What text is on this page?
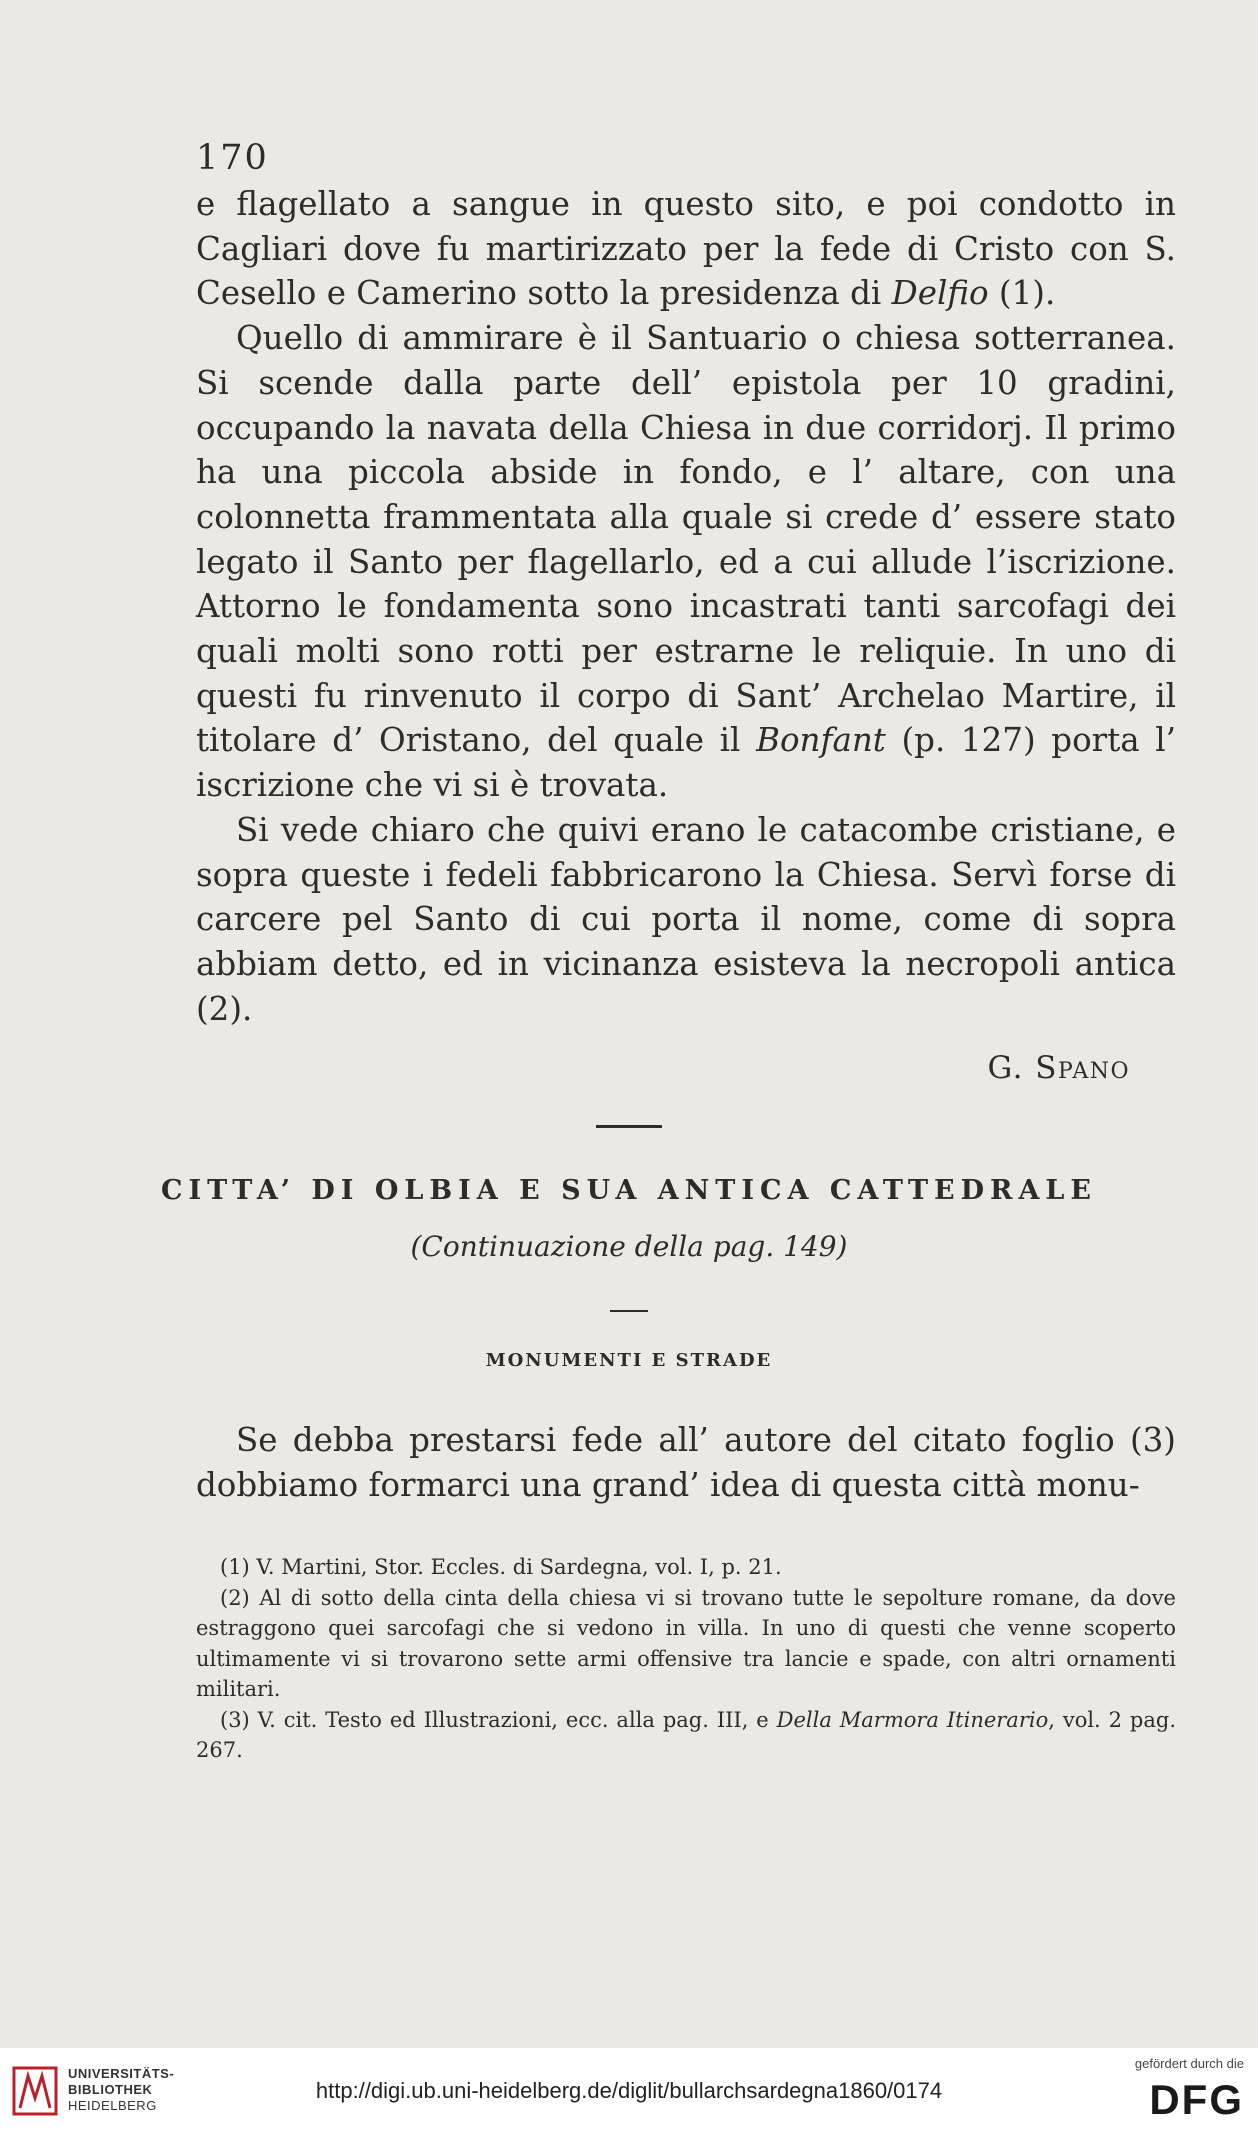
170

e flagellato a sangue in questo sito, e poi condotto in Cagliari dove fu martirizzato per la fede di Cristo con S. Cesello e Camerino sotto la presidenza di Delfio (1).

Quello di ammirare è il Santuario o chiesa sotterranea. Si scende dalla parte dell’ epistola per 10 gradini, occupando la navata della Chiesa in due corridorj. Il primo ha una piccola abside in fondo, e l’ altare, con una colonnetta frammentata alla quale si crede d’ essere stato legato il Santo per flagellarlo, ed a cui allude l’iscrizione. Attorno le fondamenta sono incastrati tanti sarcofagi dei quali molti sono rotti per estrarne le reliquie. In uno di questi fu rinvenuto il corpo di Sant’ Archelao Martire, il titolare d’ Oristano, del quale il Bonfant (p. 127) porta l’ iscrizione che vi si è trovata.

Si vede chiaro che quivi erano le catacombe cristiane, e sopra queste i fedeli fabbricarono la Chiesa. Servì forse di carcere pel Santo di cui porta il nome, come di sopra abbiam detto, ed in vicinanza esisteva la necropoli antica (2).

G. Spano
CITTA’ DI OLBIA E SUA ANTICA CATTEDRALE
(Continuazione della pag. 149)
MONUMENTI E STRADE

Se debba prestarsi fede all’ autore del citato foglio (3) dobbiamo formarci una grand’ idea di questa città monu-

(1) V. Martini, Stor. Eccles. di Sardegna, vol. I, p. 21.

(2) Al di sotto della cinta della chiesa vi si trovano tutte le sepolture romane, da dove estraggono quei sarcofagi che si vedono in villa. In uno di questi che venne scoperto ultimamente vi si trovarono sette armi offensive tra lancie e spade, con altri ornamenti militari.

(3) V. cit. Testo ed Illustrazioni, ecc. alla pag. III, e Della Marmora Itinerario, vol. 2 pag. 267.

UNIVERSITÄTS-
BIBLIOTHEK
HEIDELBERG
http://digi.ub.uni-heidelberg.de/diglit/bullarchsardegna1860/0174
gefördert durch die
DFG
